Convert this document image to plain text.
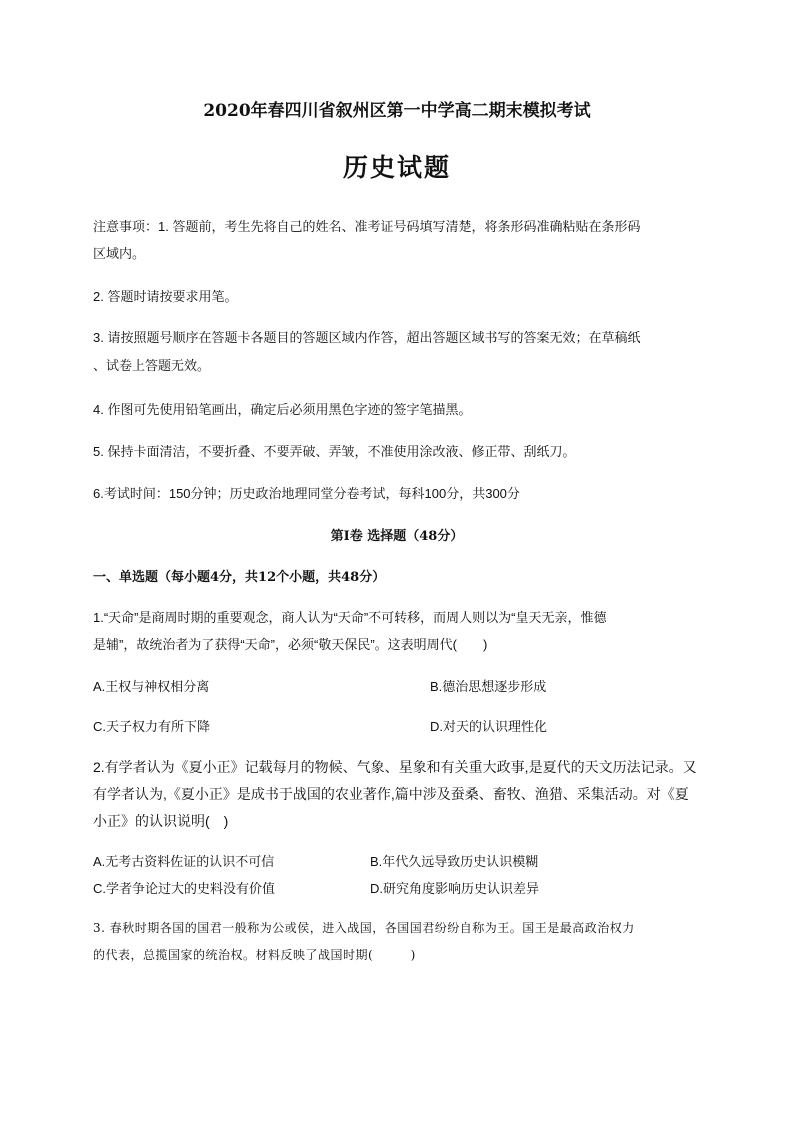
2020年春四川省叙州区第一中学高二期末模拟考试
历史试题
注意事项：1. 答题前，考生先将自己的姓名、准考证号码填写清楚，将条形码准确粘贴在条形码
区域内。
2. 答题时请按要求用笔。
3. 请按照题号顺序在答题卡各题目的答题区域内作答，超出答题区域书写的答案无效；在草稿纸
、试卷上答题无效。
4. 作图可先使用铅笔画出，确定后必须用黑色字迹的签字笔描黑。
5. 保持卡面清洁，不要折叠、不要弄破、弄皱，不准使用涂改液、修正带、刮纸刀。
6.考试时间：150分钟；历史政治地理同堂分卷考试，每科100分，共300分
第Ⅰ卷 选择题（48分）
一、单选题（每小题4分，共12个小题，共48分）
1.“天命”是商周时期的重要观念，商人认为“天命”不可转移，而周人则以为“皇天无亲，惟德
是辅”，故统治者为了获得“天命”，必须“敬天保民”。这表明周代(　　)
A.王权与神权相分离	B.德治思想逐步形成
C.天子权力有所下降	D.对天的认识理性化
2.有学者认为《夏小正》记载每月的物候、气象、星象和有关重大政事,是夏代的天文历法记录。又
有学者认为,《夏小正》是成书于战国的农业著作,篇中涉及蚕桑、畜牧、渔猎、采集活动。对《夏
小正》的认识说明(　)
A.无考古资料佐证的认识不可信	B.年代久远导致历史认识模糊
C.学者争论过大的史料没有价值	D.研究角度影响历史认识差异
3. 春秋时期各国的国君一般称为公或侯，进入战国，各国国君纷纷自称为王。国王是最高政治权力
的代表，总揽国家的统治权。材料反映了战国时期(　　　)
